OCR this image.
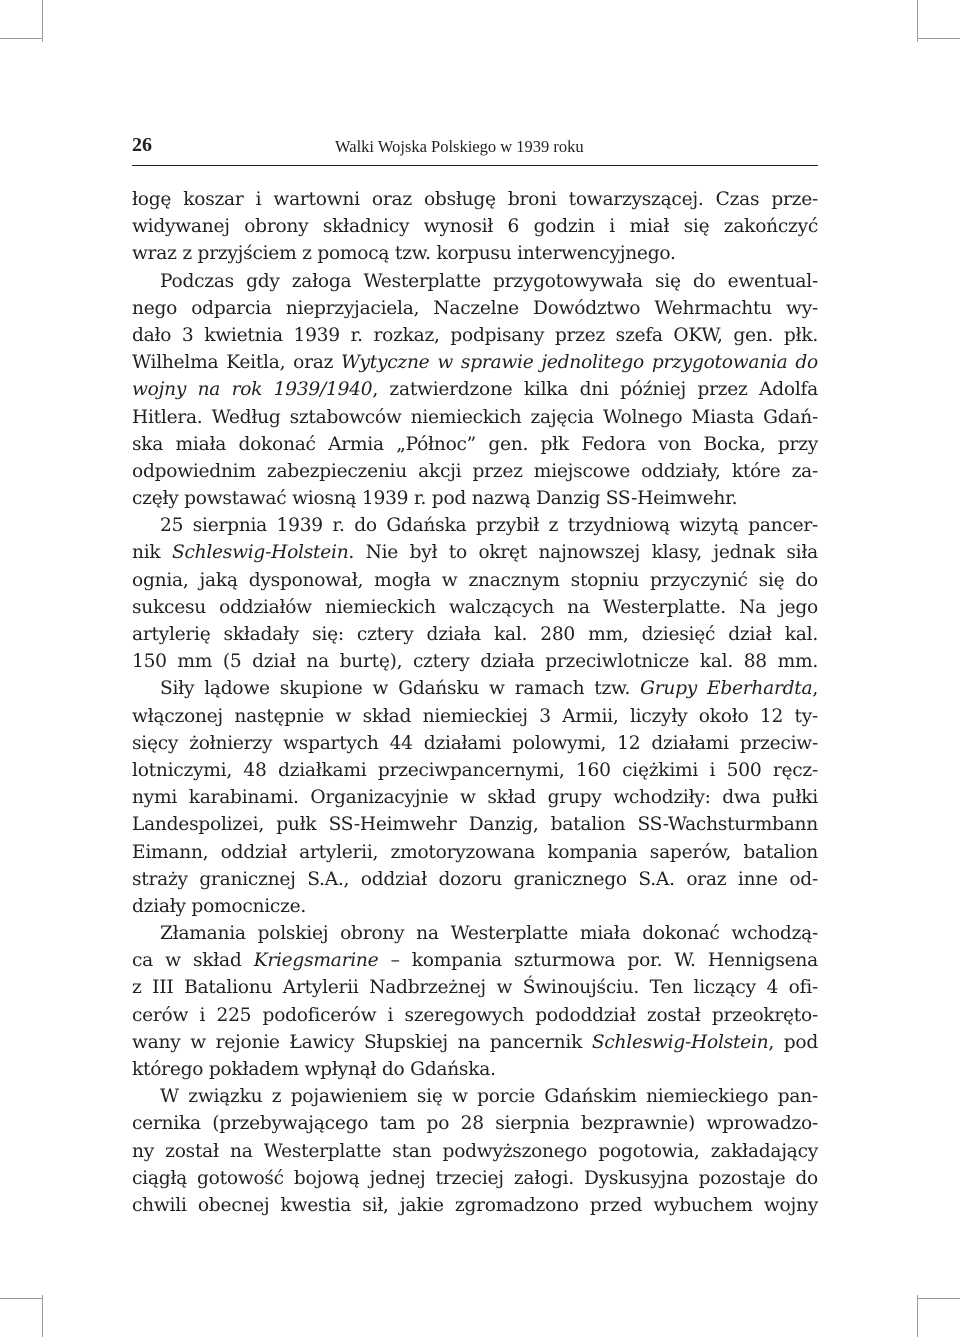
26	Walki Wojska Polskiego w 1939 roku
łogę koszar i wartowni oraz obsługę broni towarzyszącej. Czas prze-
widywanej obrony składnicy wynosił 6 godzin i miał się zakończyć
wraz z przyjściem z pomocą tzw. korpusu interwencyjnego.
Podczas gdy załoga Westerplatte przygotowywała się do ewentual-
nego odparcia nieprzyjaciela, Naczelne Dowództwo Wehrmachtu wy-
dało 3 kwietnia 1939 r. rozkaz, podpisany przez szefa OKW, gen. płk.
Wilhelma Keitla, oraz Wytyczne w sprawie jednolitego przygotowania do
wojny na rok 1939/1940, zatwierdzone kilka dni później przez Adolfa
Hitlera. Według sztabowców niemieckich zajęcia Wolnego Miasta Gdań-
ska miała dokonać Armia „Północ” gen. płk Fedora von Bocka, przy
odpowiednim zabezpieczeniu akcji przez miejscowe oddziały, które za-
częły powstawać wiosną 1939 r. pod nazwą Danzig SS-Heimwehr.
25 sierpnia 1939 r. do Gdańska przybił z trzydniową wizytą pancer-
nik Schleswig-Holstein. Nie był to okręt najnowszej klasy, jednak siła
ognia, jaką dysponował, mogła w znacznym stopniu przyczynić się do
sukcesu oddziałów niemieckich walczących na Westerplatte. Na jego
artylerię składały się: cztery działa kal. 280 mm, dziesięć dział kal.
150 mm (5 dział na burtę), cztery działa przeciwlotnicze kal. 88 mm.
Siły lądowe skupione w Gdańsku w ramach tzw. Grupy Eberhardta,
włączonej następnie w skład niemieckiej 3 Armii, liczyły około 12 ty-
sięcy żołnierzy wspartych 44 działami polowymi, 12 działami przeciw-
lotniczymi, 48 działkami przeciwpancernymi, 160 ciężkimi i 500 ręcz-
nymi karabinami. Organizacyjnie w skład grupy wchodziły: dwa pułki
Landespolizei, pułk SS-Heimwehr Danzig, batalion SS-Wachsturmbann
Eimann, oddział artylerii, zmotoryzowana kompania saperów, batalion
straży granicznej S.A., oddział dozoru granicznego S.A. oraz inne od-
działy pomocnicze.
Złamania polskiej obrony na Westerplatte miała dokonać wchodzą-
ca w skład Kriegsmarine – kompania szturmowa por. W. Hennigsena
z III Batalionu Artylerii Nadbrzeżnej w Świnoujściu. Ten liczący 4 ofi-
cerów i 225 podoficerów i szeregowych pododdział został przeokręto-
wany w rejonie Ławicy Słupskiej na pancernik Schleswig-Holstein, pod
którego pokładem wpłynął do Gdańska.
W związku z pojawieniem się w porcie Gdańskim niemieckiego pan-
cernika (przebywającego tam po 28 sierpnia bezprawnie) wprowadzo-
ny został na Westerplatte stan podwyższonego pogotowia, zakładający
ciągłą gotowość bojową jednej trzeciej załogi. Dyskusyjna pozostaje do
chwili obecnej kwestia sił, jakie zgromadzono przed wybuchem wojny
